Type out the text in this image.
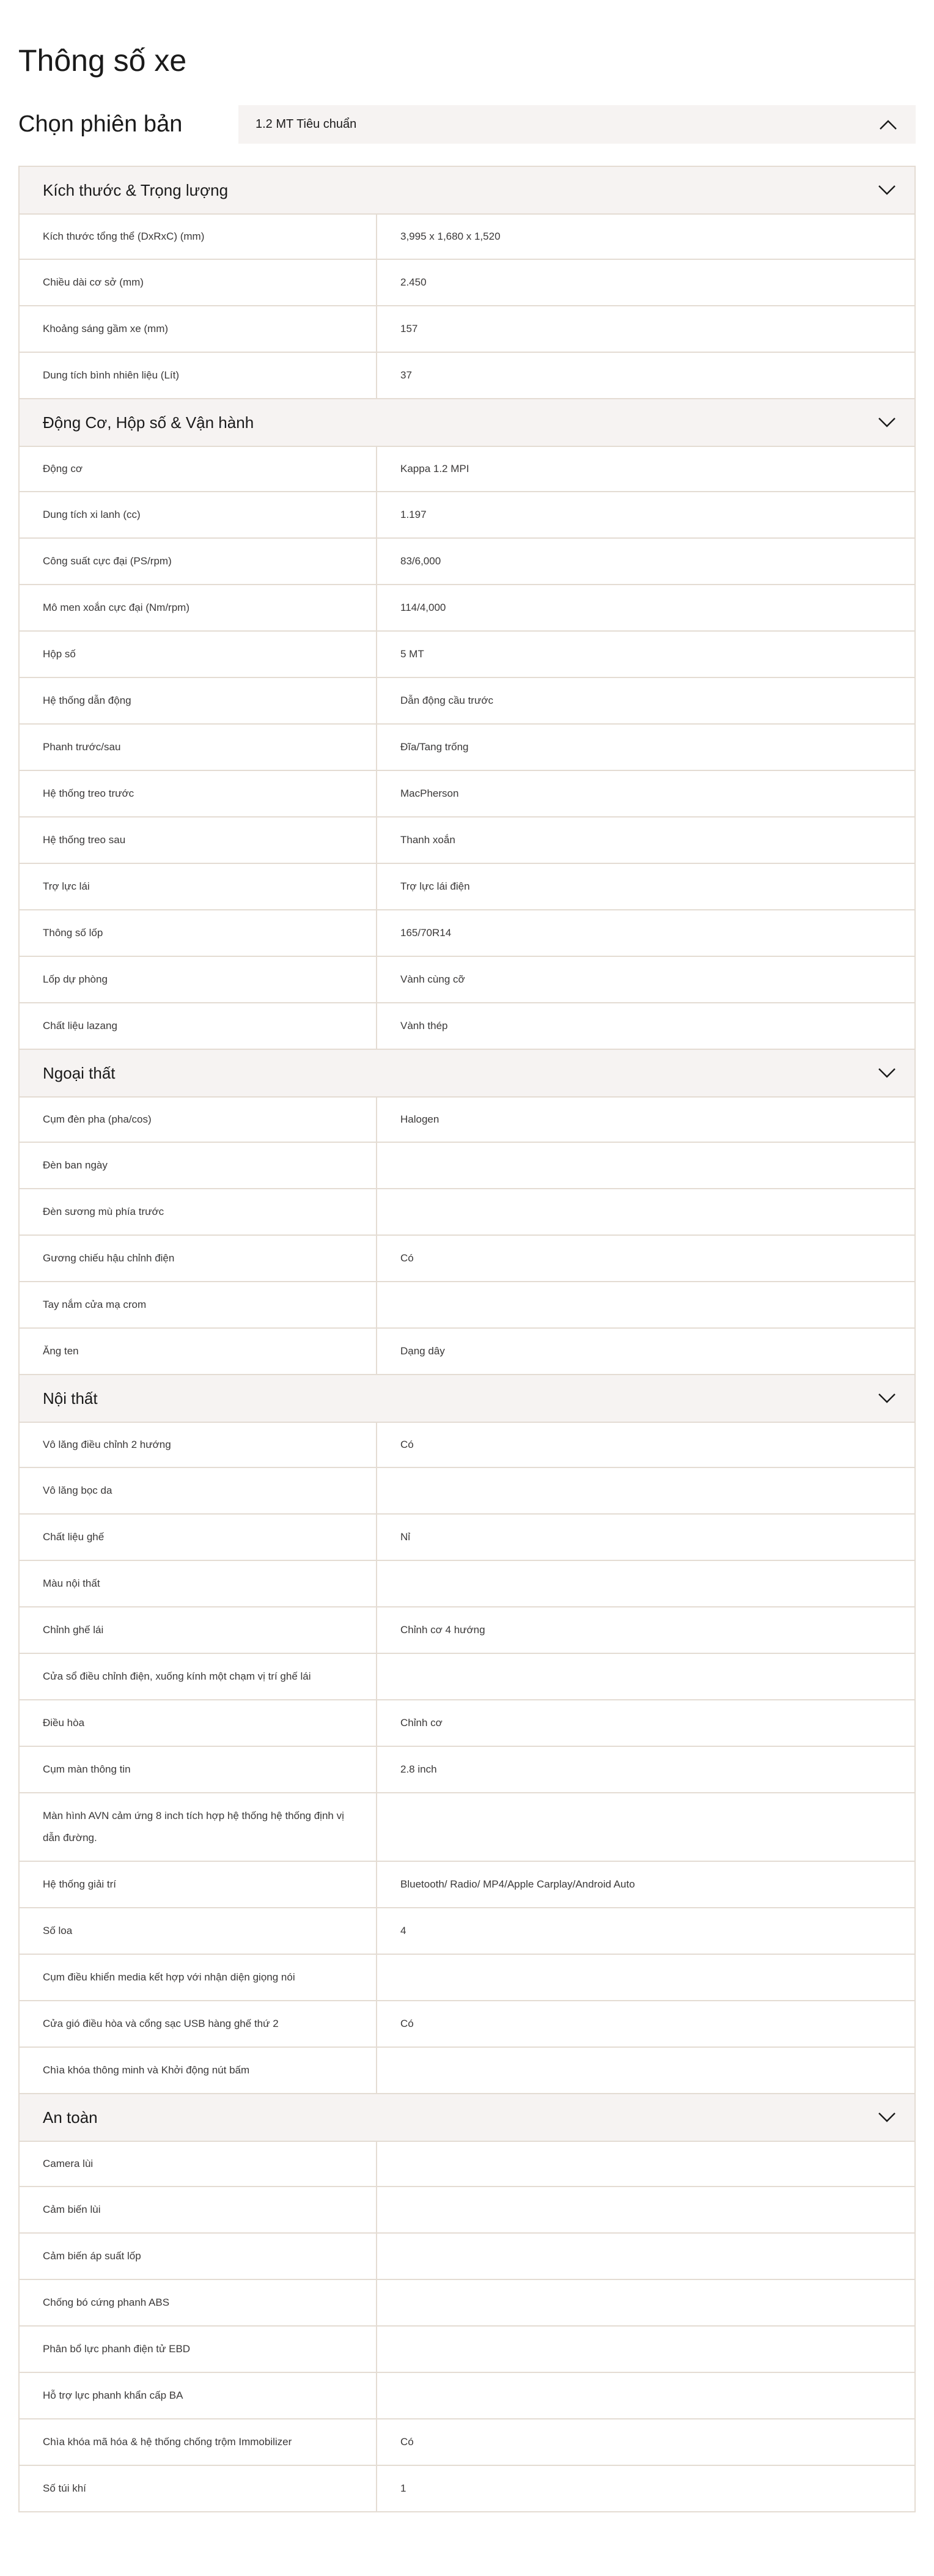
Thông số xe
Chọn phiên bản	1.2 MT Tiêu chuẩn
Kích thước & Trọng lượng
Kích thước tổng thể (DxRxC) (mm)	3,995 x 1,680 x 1,520
Chiều dài cơ sở (mm)	2.450
Khoảng sáng gầm xe (mm)	157
Dung tích bình nhiên liệu (Lít)	37
Động Cơ, Hộp số & Vận hành
Động cơ	Kappa 1.2 MPI
Dung tích xi lanh (cc)	1.197
Công suất cực đại (PS/rpm)	83/6,000
Mô men xoắn cực đại (Nm/rpm)	114/4,000
Hộp số	5 MT
Hệ thống dẫn động	Dẫn động cầu trước
Phanh trước/sau	Đĩa/Tang trống
Hệ thống treo trước	MacPherson
Hệ thống treo sau	Thanh xoắn
Trợ lực lái	Trợ lực lái điện
Thông số lốp	165/70R14
Lốp dự phòng	Vành cùng cỡ
Chất liệu lazang	Vành thép
Ngoại thất
Cụm đèn pha (pha/cos)	Halogen
Đèn ban ngày
Đèn sương mù phía trước
Gương chiếu hậu chỉnh điện	Có
Tay nắm cửa mạ crom
Ăng ten	Dạng dây
Nội thất
Vô lăng điều chỉnh 2 hướng	Có
Vô lăng bọc da
Chất liệu ghế	Nỉ
Màu nội thất
Chỉnh ghế lái	Chỉnh cơ 4 hướng
Cửa sổ điều chỉnh điện, xuống kính một chạm vị trí ghế lái
Điều hòa	Chỉnh cơ
Cụm màn thông tin	2.8 inch
Màn hình AVN cảm ứng 8 inch tích hợp hệ thống hệ thống định vị dẫn đường.
Hệ thống giải trí	Bluetooth/ Radio/ MP4/Apple Carplay/Android Auto
Số loa	4
Cụm điều khiển media kết hợp với nhận diện giọng nói
Cửa gió điều hòa và cổng sạc USB hàng ghế thứ 2	Có
Chìa khóa thông minh và Khởi động nút bấm
An toàn
Camera lùi
Cảm biến lùi
Cảm biến áp suất lốp
Chống bó cứng phanh ABS
Phân bổ lực phanh điện tử EBD
Hỗ trợ lực phanh khẩn cấp BA
Chìa khóa mã hóa & hệ thống chống trộm Immobilizer	Có
Số túi khí	1
